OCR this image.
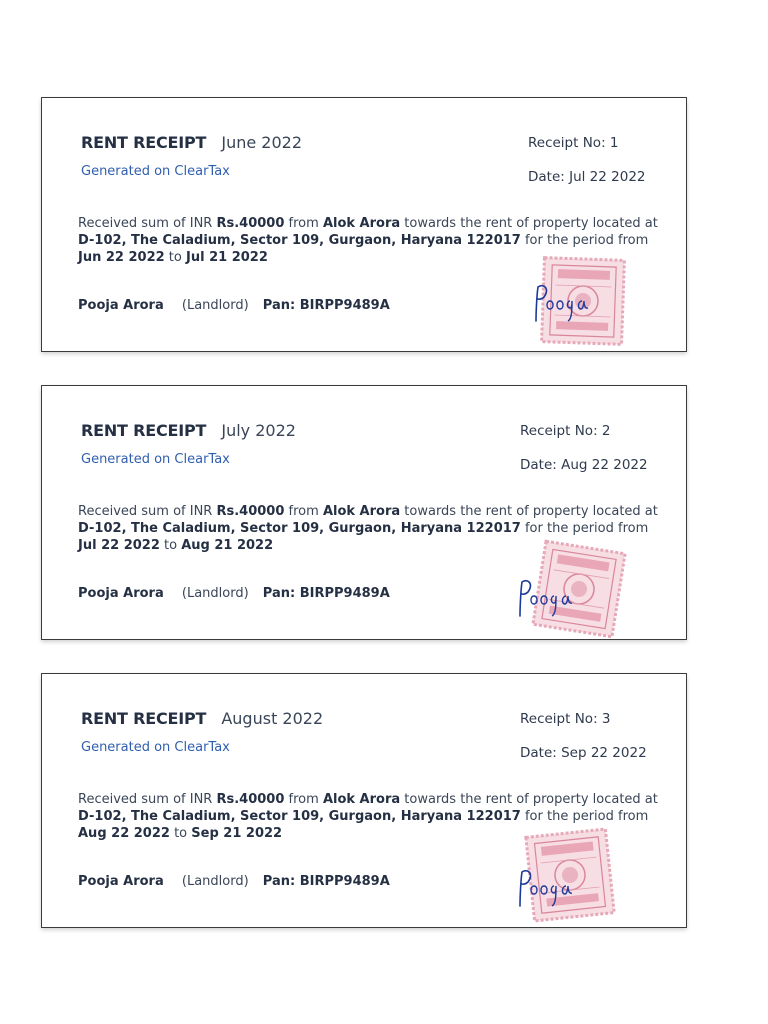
RENT RECEIPT June 2022
Generated on ClearTax
Receipt No: 1
Date: Jul 22 2022
Received sum of INR Rs.40000 from Alok Arora towards the rent of property located at D-102, The Caladium, Sector 109, Gurgaon, Haryana 122017 for the period from Jun 22 2022 to Jul 21 2022
Pooja Arora (Landlord) Pan: BIRPP9489A
RENT RECEIPT July 2022
Generated on ClearTax
Receipt No: 2
Date: Aug 22 2022
Received sum of INR Rs.40000 from Alok Arora towards the rent of property located at D-102, The Caladium, Sector 109, Gurgaon, Haryana 122017 for the period from Jul 22 2022 to Aug 21 2022
Pooja Arora (Landlord) Pan: BIRPP9489A
RENT RECEIPT August 2022
Generated on ClearTax
Receipt No: 3
Date: Sep 22 2022
Received sum of INR Rs.40000 from Alok Arora towards the rent of property located at D-102, The Caladium, Sector 109, Gurgaon, Haryana 122017 for the period from Aug 22 2022 to Sep 21 2022
Pooja Arora (Landlord) Pan: BIRPP9489A
